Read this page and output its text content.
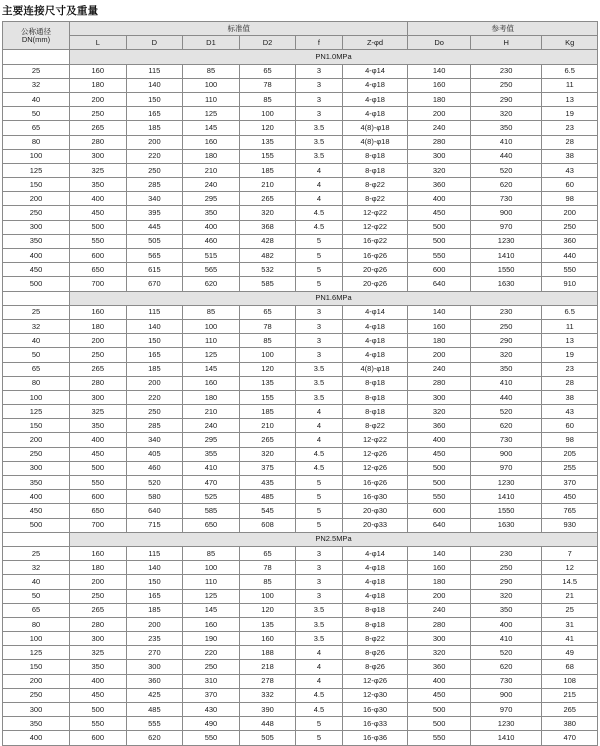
主要连接尺寸及重量
公称通径
DN(mm)	标准值						参考值		
	L	D	D1	D2	f	Z-φd	Do	H	Kg
	PN1.0MPa								
25	160	115	85	65	3	4-φ14	140	230	6.5
32	180	140	100	78	3	4-φ18	160	250	11
40	200	150	110	85	3	4-φ18	180	290	13
50	250	165	125	100	3	4-φ18	200	320	19
65	265	185	145	120	3.5	4(8)-φ18	240	350	23
80	280	200	160	135	3.5	4(8)-φ18	280	410	28
100	300	220	180	155	3.5	8-φ18	300	440	38
125	325	250	210	185	4	8-φ18	320	520	43
150	350	285	240	210	4	8-φ22	360	620	60
200	400	340	295	265	4	8-φ22	400	730	98
250	450	395	350	320	4.5	12-φ22	450	900	200
300	500	445	400	368	4.5	12-φ22	500	970	250
350	550	505	460	428	5	16-φ22	500	1230	360
400	600	565	515	482	5	16-φ26	550	1410	440
450	650	615	565	532	5	20-φ26	600	1550	550
500	700	670	620	585	5	20-φ26	640	1630	910
	PN1.6MPa								
25	160	115	85	65	3	4-φ14	140	230	6.5
32	180	140	100	78	3	4-φ18	160	250	11
40	200	150	110	85	3	4-φ18	180	290	13
50	250	165	125	100	3	4-φ18	200	320	19
65	265	185	145	120	3.5	4(8)-φ18	240	350	23
80	280	200	160	135	3.5	8-φ18	280	410	28
100	300	220	180	155	3.5	8-φ18	300	440	38
125	325	250	210	185	4	8-φ18	320	520	43
150	350	285	240	210	4	8-φ22	360	620	60
200	400	340	295	265	4	12-φ22	400	730	98
250	450	405	355	320	4.5	12-φ26	450	900	205
300	500	460	410	375	4.5	12-φ26	500	970	255
350	550	520	470	435	5	16-φ26	500	1230	370
400	600	580	525	485	5	16-φ30	550	1410	450
450	650	640	585	545	5	20-φ30	600	1550	765
500	700	715	650	608	5	20-φ33	640	1630	930
	PN2.5MPa								
25	160	115	85	65	3	4-φ14	140	230	7
32	180	140	100	78	3	4-φ18	160	250	12
40	200	150	110	85	3	4-φ18	180	290	14.5
50	250	165	125	100	3	4-φ18	200	320	21
65	265	185	145	120	3.5	8-φ18	240	350	25
80	280	200	160	135	3.5	8-φ18	280	400	31
100	300	235	190	160	3.5	8-φ22	300	410	41
125	325	270	220	188	4	8-φ26	320	520	49
150	350	300	250	218	4	8-φ26	360	620	68
200	400	360	310	278	4	12-φ26	400	730	108
250	450	425	370	332	4.5	12-φ30	450	900	215
300	500	485	430	390	4.5	16-φ30	500	970	265
350	550	555	490	448	5	16-φ33	500	1230	380
400	600	620	550	505	5	16-φ36	550	1410	470
